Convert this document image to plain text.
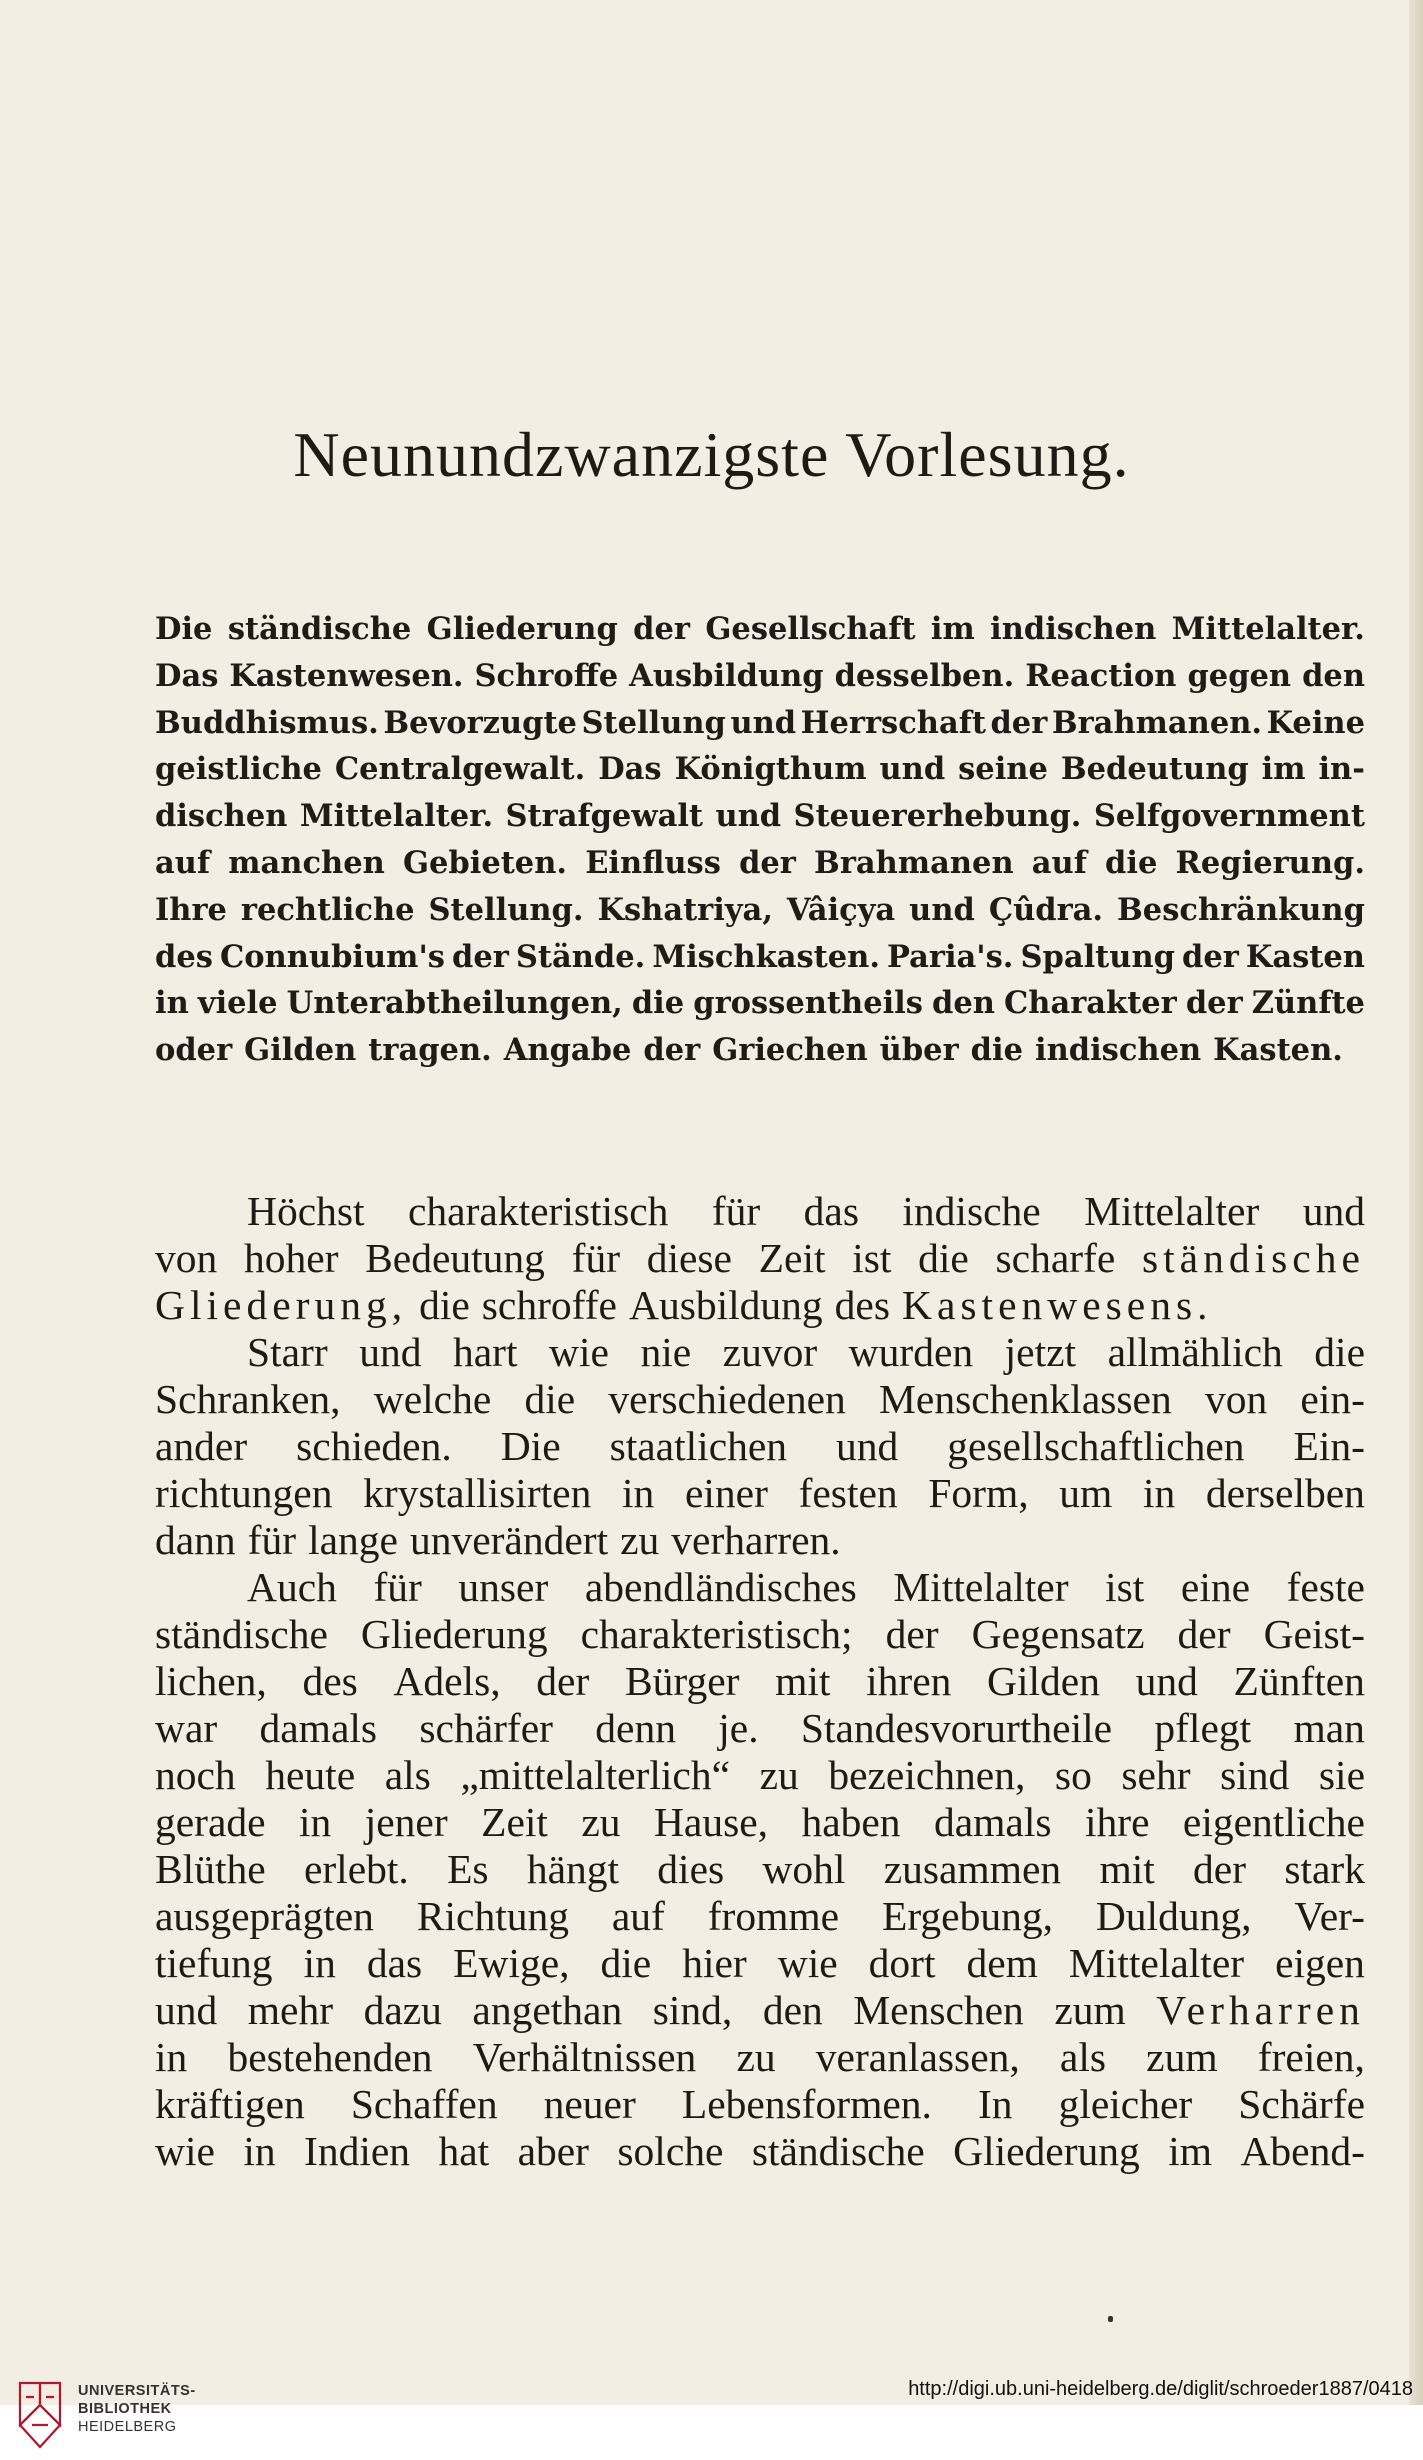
Neunundzwanzigste Vorlesung.
Die ständische Gliederung der Gesellschaft im indischen Mittelalter.
Das Kastenwesen. Schroffe Ausbildung desselben. Reaction gegen den
Buddhismus. Bevorzugte Stellung und Herrschaft der Brahmanen. Keine
geistliche Centralgewalt. Das Königthum und seine Bedeutung im in-
dischen Mittelalter. Strafgewalt und Steuererhebung. Selfgovernment
auf manchen Gebieten. Einfluss der Brahmanen auf die Regierung.
Ihre rechtliche Stellung. Kshatriya, Vâiçya und Çûdra. Beschränkung
des Connubium's der Stände. Mischkasten. Paria's. Spaltung der Kasten
in viele Unterabtheilungen, die grossentheils den Charakter der Zünfte
oder Gilden tragen. Angabe der Griechen über die indischen Kasten.
Höchst charakteristisch für das indische Mittelalter und
von hoher Bedeutung für diese Zeit ist die scharfe ständische
Gliederung, die schroffe Ausbildung des Kastenwesens.
Starr und hart wie nie zuvor wurden jetzt allmählich die
Schranken, welche die verschiedenen Menschenklassen von ein-
ander schieden. Die staatlichen und gesellschaftlichen Ein-
richtungen krystallisirten in einer festen Form, um in derselben
dann für lange unverändert zu verharren.
Auch für unser abendländisches Mittelalter ist eine feste
ständische Gliederung charakteristisch; der Gegensatz der Geist-
lichen, des Adels, der Bürger mit ihren Gilden und Zünften
war damals schärfer denn je. Standesvorurtheile pflegt man
noch heute als „mittelalterlich“ zu bezeichnen, so sehr sind sie
gerade in jener Zeit zu Hause, haben damals ihre eigentliche
Blüthe erlebt. Es hängt dies wohl zusammen mit der stark
ausgeprägten Richtung auf fromme Ergebung, Duldung, Ver-
tiefung in das Ewige, die hier wie dort dem Mittelalter eigen
und mehr dazu angethan sind, den Menschen zum Verharren
in bestehenden Verhältnissen zu veranlassen, als zum freien,
kräftigen Schaffen neuer Lebensformen. In gleicher Schärfe
wie in Indien hat aber solche ständische Gliederung im Abend-
UNIVERSITÄTS-
BIBLIOTHEK
HEIDELBERG
http://digi.ub.uni-heidelberg.de/diglit/schroeder1887/0418
